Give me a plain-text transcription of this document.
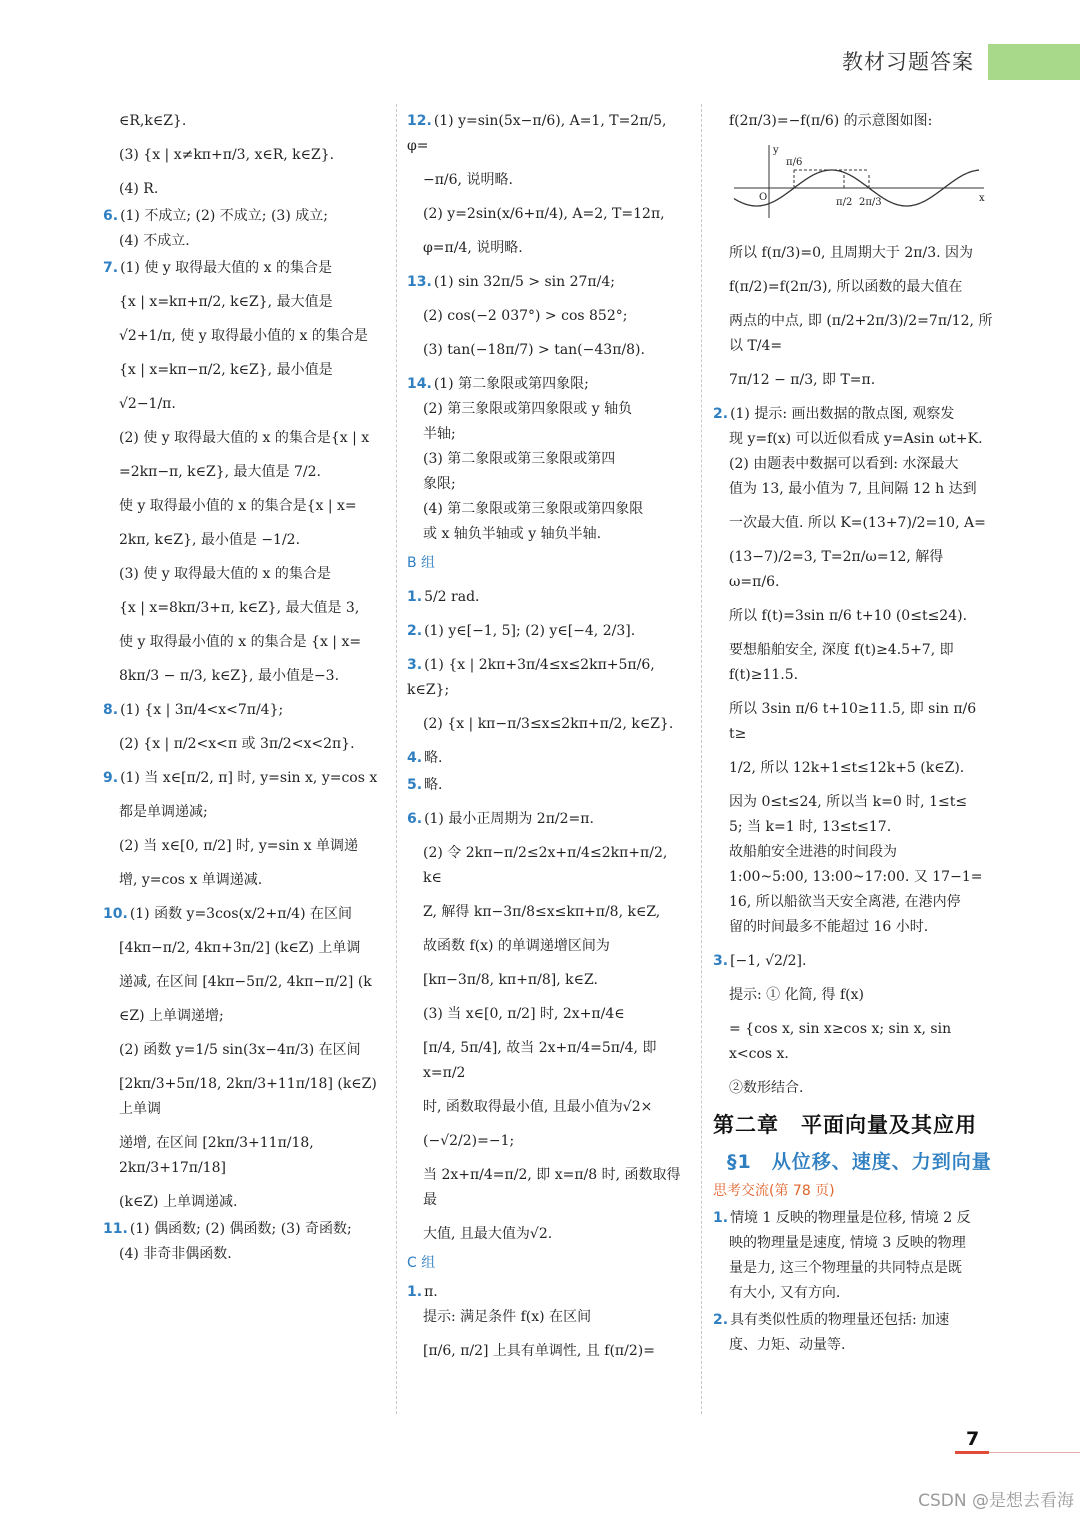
教材习题答案
∈R,k∈Z}.
(3) {x | x≠kπ+π/3, x∈R, k∈Z}.
(4) R.
6. (1) 不成立; (2) 不成立; (3) 成立;
(4) 不成立.
7. (1) 使 y 取得最大值的 x 的集合是
{x | x=kπ+π/2, k∈Z}, 最大值是
√2+1/π, 使 y 取得最小值的 x 的集合是
{x | x=kπ−π/2, k∈Z}, 最小值是
√2−1/π.
(2) 使 y 取得最大值的 x 的集合是{x | x
=2kπ−π, k∈Z}, 最大值是 7/2.
使 y 取得最小值的 x 的集合是{x | x=
2kπ, k∈Z}, 最小值是 −1/2.
(3) 使 y 取得最大值的 x 的集合是
{x | x=8kπ/3+π, k∈Z}, 最大值是 3,
使 y 取得最小值的 x 的集合是 {x | x=
8kπ/3 − π/3, k∈Z}, 最小值是−3.
8. (1) {x | 3π/4<x<7π/4};
(2) {x | π/2<x<π 或 3π/2<x<2π}.
9. (1) 当 x∈[π/2, π] 时, y=sin x, y=cos x
都是单调递减;
(2) 当 x∈[0, π/2] 时, y=sin x 单调递
增, y=cos x 单调递减.
10. (1) 函数 y=3cos(x/2+π/4) 在区间
[4kπ−π/2, 4kπ+3π/2] (k∈Z) 上单调
递减, 在区间 [4kπ−5π/2, 4kπ−π/2] (k
∈Z) 上单调递增;
(2) 函数 y=1/5 sin(3x−4π/3) 在区间
[2kπ/3+5π/18, 2kπ/3+11π/18] (k∈Z) 上单调
递增, 在区间 [2kπ/3+11π/18, 2kπ/3+17π/18]
(k∈Z) 上单调递减.
11. (1) 偶函数; (2) 偶函数; (3) 奇函数;
(4) 非奇非偶函数.
12. (1) y=sin(5x−π/6), A=1, T=2π/5, φ=
−π/6, 说明略.
(2) y=2sin(x/6+π/4), A=2, T=12π,
φ=π/4, 说明略.
13. (1) sin 32π/5 > sin 27π/4;
(2) cos(−2 037°) > cos 852°;
(3) tan(−18π/7) > tan(−43π/8).
14. (1) 第二象限或第四象限;
(2) 第三象限或第四象限或 y 轴负
半轴;
(3) 第二象限或第三象限或第四
象限;
(4) 第二象限或第三象限或第四象限
或 x 轴负半轴或 y 轴负半轴.
B 组
1. 5/2 rad.
2. (1) y∈[−1, 5]; (2) y∈[−4, 2/3].
3. (1) {x | 2kπ+3π/4≤x≤2kπ+5π/6, k∈Z};
(2) {x | kπ−π/3≤x≤2kπ+π/2, k∈Z}.
4. 略.
5. 略.
6. (1) 最小正周期为 2π/2=π.
(2) 令 2kπ−π/2≤2x+π/4≤2kπ+π/2, k∈
Z, 解得 kπ−3π/8≤x≤kπ+π/8, k∈Z,
故函数 f(x) 的单调递增区间为
[kπ−3π/8, kπ+π/8], k∈Z.
(3) 当 x∈[0, π/2] 时, 2x+π/4∈
[π/4, 5π/4], 故当 2x+π/4=5π/4, 即 x=π/2
时, 函数取得最小值, 且最小值为√2×
(−√2/2)=−1;
当 2x+π/4=π/2, 即 x=π/8 时, 函数取得最
大值, 且最大值为√2.
C 组
1. π.
提示: 满足条件 f(x) 在区间
[π/6, π/2] 上具有单调性, 且 f(π/2)=
f(2π/3)=−f(π/6) 的示意图如图:
y
x
O
π/6
π/2 2π/3
所以 f(π/3)=0, 且周期大于 2π/3. 因为
f(π/2)=f(2π/3), 所以函数的最大值在
两点的中点, 即 (π/2+2π/3)/2=7π/12, 所以 T/4=
7π/12 − π/3, 即 T=π.
2. (1) 提示: 画出数据的散点图, 观察发
现 y=f(x) 可以近似看成 y=Asin ωt+K.
(2) 由题表中数据可以看到: 水深最大
值为 13, 最小值为 7, 且间隔 12 h 达到
一次最大值. 所以 K=(13+7)/2=10, A=
(13−7)/2=3, T=2π/ω=12, 解得 ω=π/6.
所以 f(t)=3sin π/6 t+10 (0≤t≤24).
要想船舶安全, 深度 f(t)≥4.5+7, 即
f(t)≥11.5.
所以 3sin π/6 t+10≥11.5, 即 sin π/6 t≥
1/2, 所以 12k+1≤t≤12k+5 (k∈Z).
因为 0≤t≤24, 所以当 k=0 时, 1≤t≤
5; 当 k=1 时, 13≤t≤17.
故船舶安全进港的时间段为
1:00~5:00, 13:00~17:00. 又 17−1=
16, 所以船欲当天安全离港, 在港内停
留的时间最多不能超过 16 小时.
3. [−1, √2/2].
提示: ① 化简, 得 f(x)
= {cos x, sin x≥cos x; sin x, sin x<cos x.
②数形结合.
第二章　平面向量及其应用
§1　从位移、速度、力到向量
思考交流(第 78 页)
1. 情境 1 反映的物理量是位移, 情境 2 反
映的物理量是速度, 情境 3 反映的物理
量是力, 这三个物理量的共同特点是既
有大小, 又有方向.
2. 具有类似性质的物理量还包括: 加速
度、力矩、动量等.
7
CSDN @是想去看海
